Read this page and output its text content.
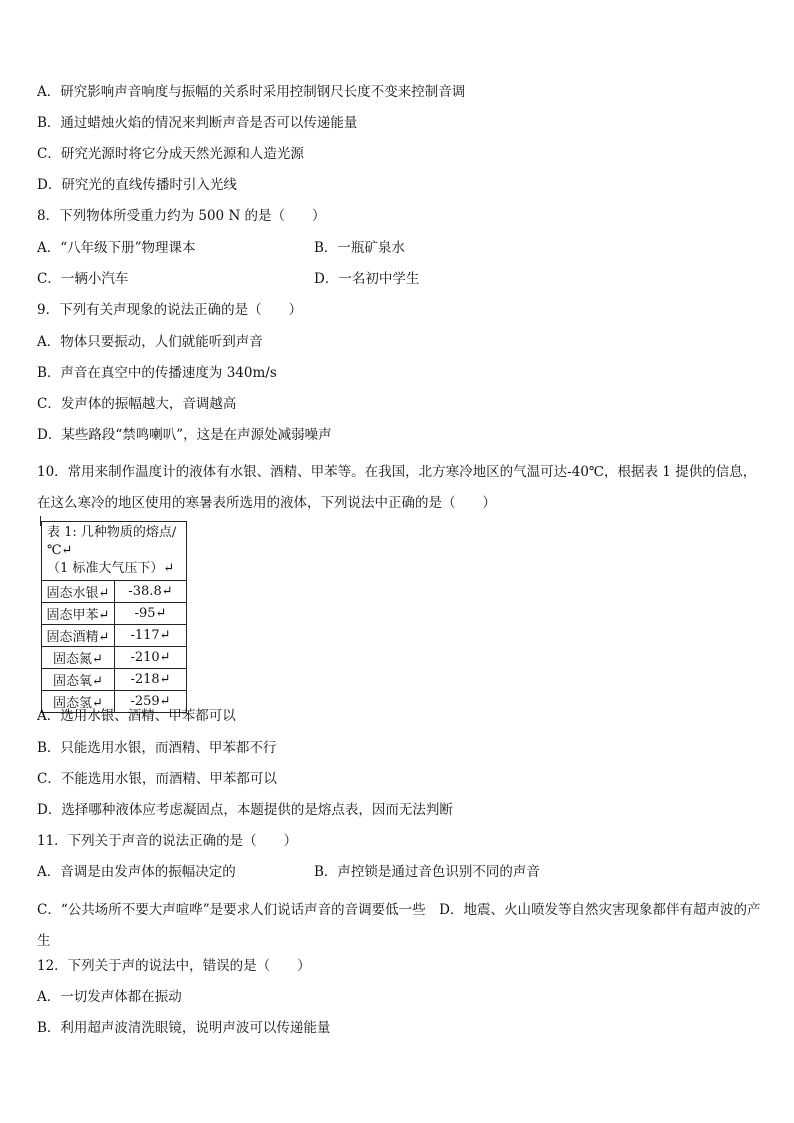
A．研究影响声音响度与振幅的关系时采用控制钢尺长度不变来控制音调
B．通过蜡烛火焰的情况来判断声音是否可以传递能量
C．研究光源时将它分成天然光源和人造光源
D．研究光的直线传播时引入光线
8．下列物体所受重力约为 500 N 的是（　　）
A．“八年级下册”物理课本	B．一瓶矿泉水
C．一辆小汽车	D．一名初中学生
9．下列有关声现象的说法正确的是（　　）
A．物体只要振动，人们就能听到声音
B．声音在真空中的传播速度为 340m/s
C．发声体的振幅越大，音调越高
D．某些路段“禁鸣喇叭”，这是在声源处减弱噪声
10．常用来制作温度计的液体有水银、酒精、甲苯等。在我国，北方寒冷地区的气温可达-40℃，根据表 1 提供的信息，在这么寒冷的地区使用的寒暑表所选用的液体，下列说法中正确的是（　　）
表 1: 几种物质的熔点/℃↵
（1 标准大气压下）↵	

固态水银↵	-38.8↵
固态甲苯↵	-95↵
固态酒精↵	-117↵
固态氮↵	-210↵
固态氧↵	-218↵
固态氢↵	-259↵
A．选用水银、酒精、甲苯都可以
B．只能选用水银，而酒精、甲苯都不行
C．不能选用水银，而酒精、甲苯都可以
D．选择哪种液体应考虑凝固点，本题提供的是熔点表，因而无法判断
11．下列关于声音的说法正确的是（　　）
A．音调是由发声体的振幅决定的	B．声控锁是通过音色识别不同的声音
C．“公共场所不要大声喧哗”是要求人们说话声音的音调要低一些　D．地震、火山喷发等自然灾害现象都伴有超声波的产生
12．下列关于声的说法中，错误的是（　　）
A．一切发声体都在振动
B．利用超声波清洗眼镜，说明声波可以传递能量
